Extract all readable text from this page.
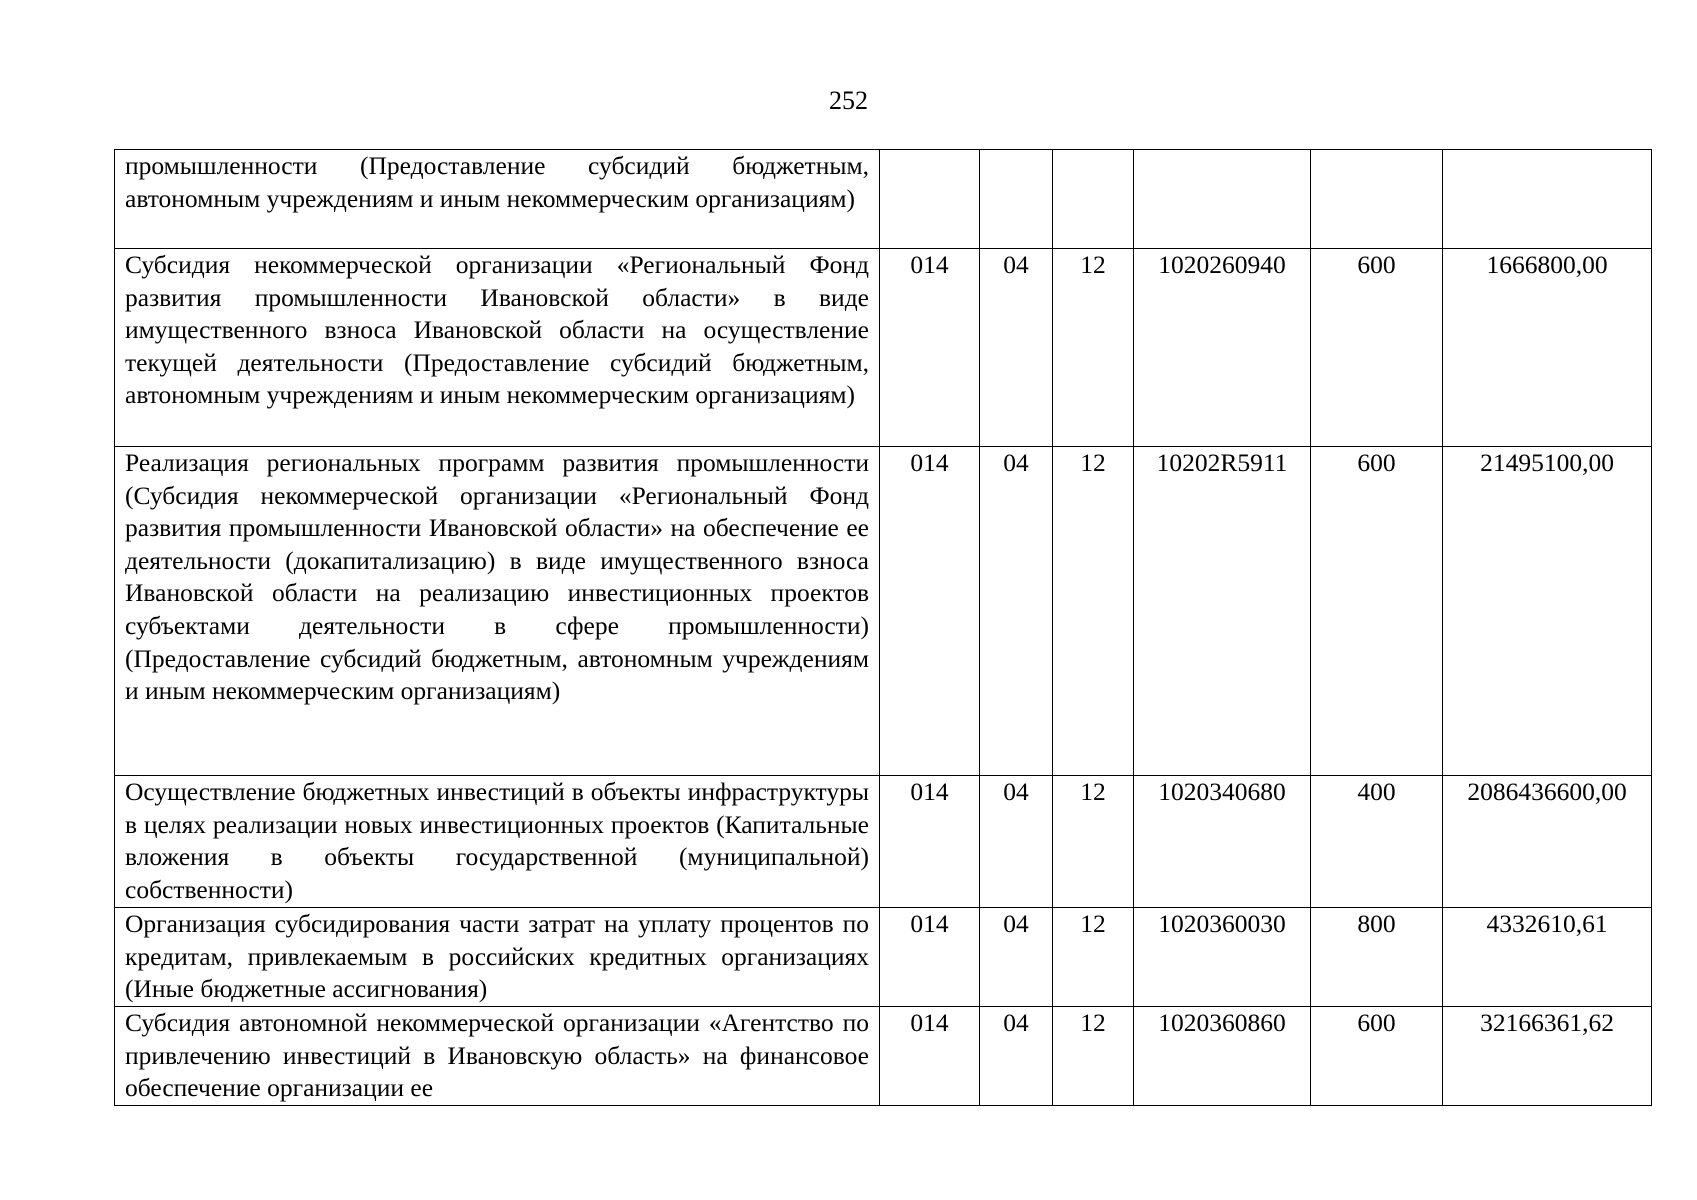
252
промышленности (Предоставление субсидий бюджетным, автономным учреждениям и иным некоммерческим организациям)						
Субсидия некоммерческой организации «Региональный Фонд развития промышленности Ивановской области» в виде имущественного взноса Ивановской области на осуществление текущей деятельности (Предоставление субсидий бюджетным, автономным учреждениям и иным некоммерческим организациям)	014	04	12	1020260940	600	1666800,00
Реализация региональных программ развития промышленности (Субсидия некоммерческой организации «Региональный Фонд развития промышленности Ивановской области» на обеспечение ее деятельности (докапитализацию) в виде имущественного взноса Ивановской области на реализацию инвестиционных проектов субъектами деятельности в сфере промышленности) (Предоставление субсидий бюджетным, автономным учреждениям и иным некоммерческим организациям)	014	04	12	10202R5911	600	21495100,00
Осуществление бюджетных инвестиций в объекты инфраструктуры в целях реализации новых инвестиционных проектов (Капитальные вложения в объекты государственной (муниципальной) собственности)	014	04	12	1020340680	400	2086436600,00
Организация субсидирования части затрат на уплату процентов по кредитам, привлекаемым в российских кредитных организациях (Иные бюджетные ассигнования)	014	04	12	1020360030	800	4332610,61
Субсидия автономной некоммерческой организации «Агентство по привлечению инвестиций в Ивановскую область» на финансовое обеспечение организации ее	014	04	12	1020360860	600	32166361,62
